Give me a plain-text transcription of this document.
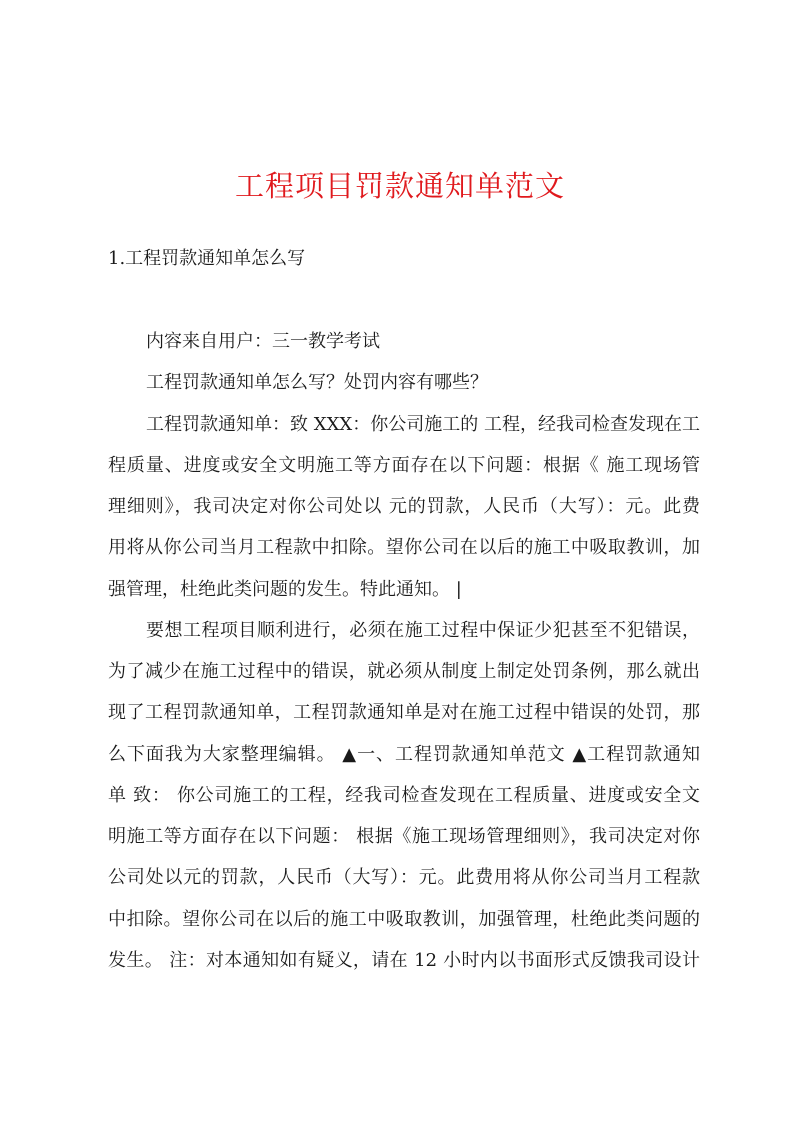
工程项目罚款通知单范文
1.工程罚款通知单怎么写
内容来自用户：三一教学考试
工程罚款通知单怎么写？处罚内容有哪些？
工程罚款通知单：致 XXX：你公司施工的 工程，经我司检查发现在工
程质量、进度或安全文明施工等方面存在以下问题：根据《 施工现场管
理细则》，我司决定对你公司处以 元的罚款，人民币（大写）：元。此费
用将从你公司当月工程款中扣除。望你公司在以后的施工中吸取教训，加
强管理，杜绝此类问题的发生。特此通知。 |
要想工程项目顺利进行，必须在施工过程中保证少犯甚至不犯错误，
为了减少在施工过程中的错误，就必须从制度上制定处罚条例，那么就出
现了工程罚款通知单，工程罚款通知单是对在施工过程中错误的处罚，那
么下面我为大家整理编辑。 ▲一、工程罚款通知单范文 ▲工程罚款通知
单 致： 你公司施工的工程，经我司检查发现在工程质量、进度或安全文
明施工等方面存在以下问题： 根据《施工现场管理细则》，我司决定对你
公司处以元的罚款，人民币（大写）：元。此费用将从你公司当月工程款
中扣除。望你公司在以后的施工中吸取教训，加强管理，杜绝此类问题的
发生。 注：对本通知如有疑义，请在 12 小时内以书面形式反馈我司设计
